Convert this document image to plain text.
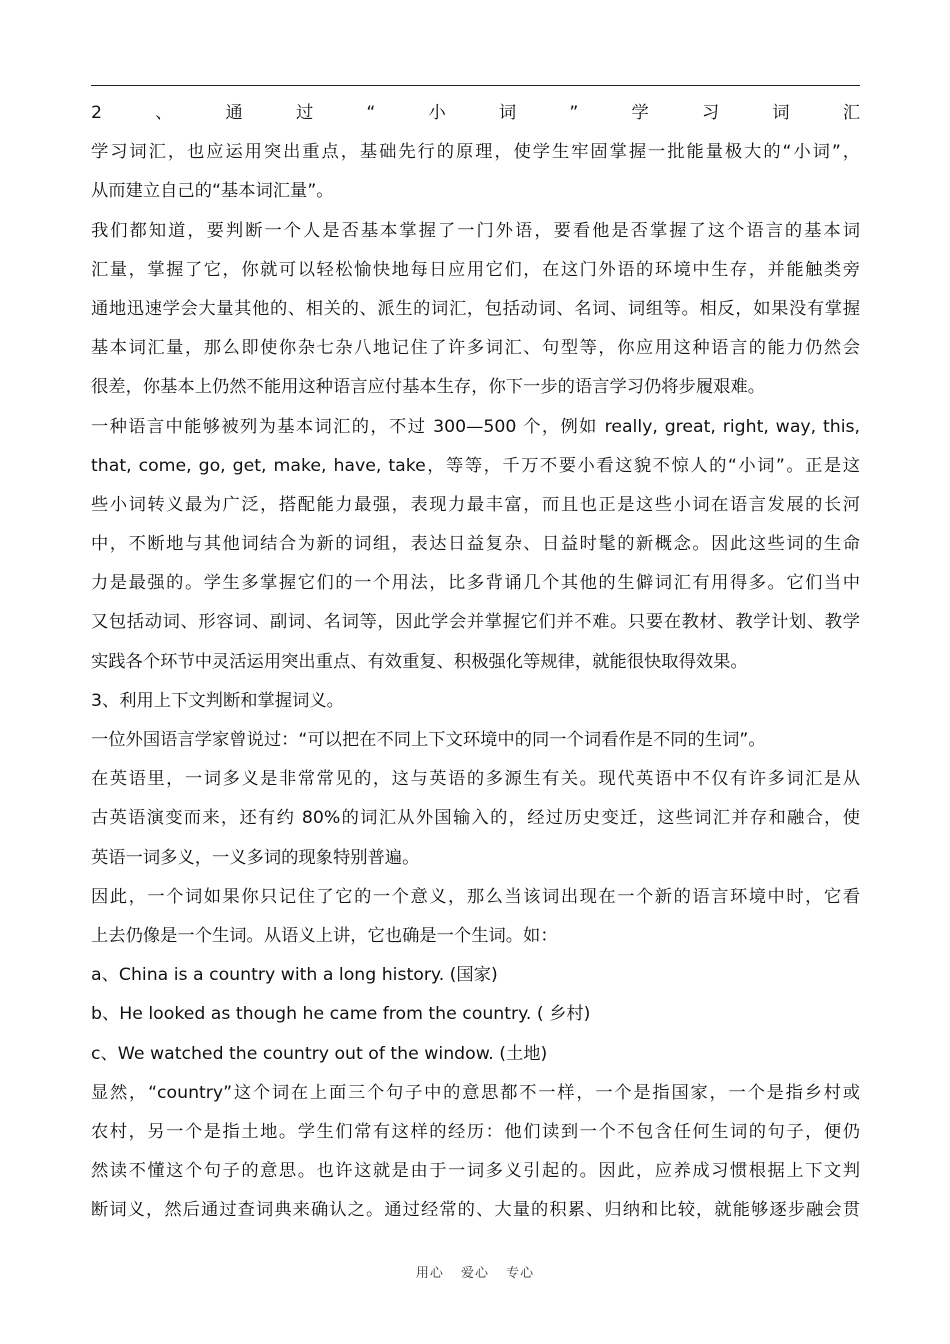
2、通过“小词”学习词汇
学习词汇，也应运用突出重点，基础先行的原理，使学生牢固掌握一批能量极大的“小词”，
从而建立自己的“基本词汇量”。
我们都知道，要判断一个人是否基本掌握了一门外语，要看他是否掌握了这个语言的基本词
汇量，掌握了它，你就可以轻松愉快地每日应用它们，在这门外语的环境中生存，并能触类旁
通地迅速学会大量其他的、相关的、派生的词汇，包括动词、名词、词组等。相反，如果没有掌握
基本词汇量，那么即使你杂七杂八地记住了许多词汇、句型等，你应用这种语言的能力仍然会
很差，你基本上仍然不能用这种语言应付基本生存，你下一步的语言学习仍将步履艰难。
一种语言中能够被列为基本词汇的，不过 300—500 个，例如 really, great, right, way, this,
that, come, go, get, make, have, take，等等，千万不要小看这貌不惊人的“小词”。正是这
些小词转义最为广泛，搭配能力最强，表现力最丰富，而且也正是这些小词在语言发展的长河
中，不断地与其他词结合为新的词组，表达日益复杂、日益时髦的新概念。因此这些词的生命
力是最强的。学生多掌握它们的一个用法，比多背诵几个其他的生僻词汇有用得多。它们当中
又包括动词、形容词、副词、名词等，因此学会并掌握它们并不难。只要在教材、教学计划、教学
实践各个环节中灵活运用突出重点、有效重复、积极强化等规律，就能很快取得效果。
3、利用上下文判断和掌握词义。
一位外国语言学家曾说过：“可以把在不同上下文环境中的同一个词看作是不同的生词”。
在英语里，一词多义是非常常见的，这与英语的多源生有关。现代英语中不仅有许多词汇是从
古英语演变而来，还有约 80%的词汇从外国输入的，经过历史变迁，这些词汇并存和融合，使
英语一词多义，一义多词的现象特别普遍。
因此，一个词如果你只记住了它的一个意义，那么当该词出现在一个新的语言环境中时，它看
上去仍像是一个生词。从语义上讲，它也确是一个生词。如：
a、China is a country with a long history. (国家)
b、He looked as though he came from the country. ( 乡村)
c、We watched the country out of the window. (土地)
显然，“country”这个词在上面三个句子中的意思都不一样，一个是指国家，一个是指乡村或
农村，另一个是指土地。学生们常有这样的经历：他们读到一个不包含任何生词的句子，便仍
然读不懂这个句子的意思。也许这就是由于一词多义引起的。因此，应养成习惯根据上下文判
断词义，然后通过查词典来确认之。通过经常的、大量的积累、归纳和比较，就能够逐步融会贯
用心 爱心 专心
